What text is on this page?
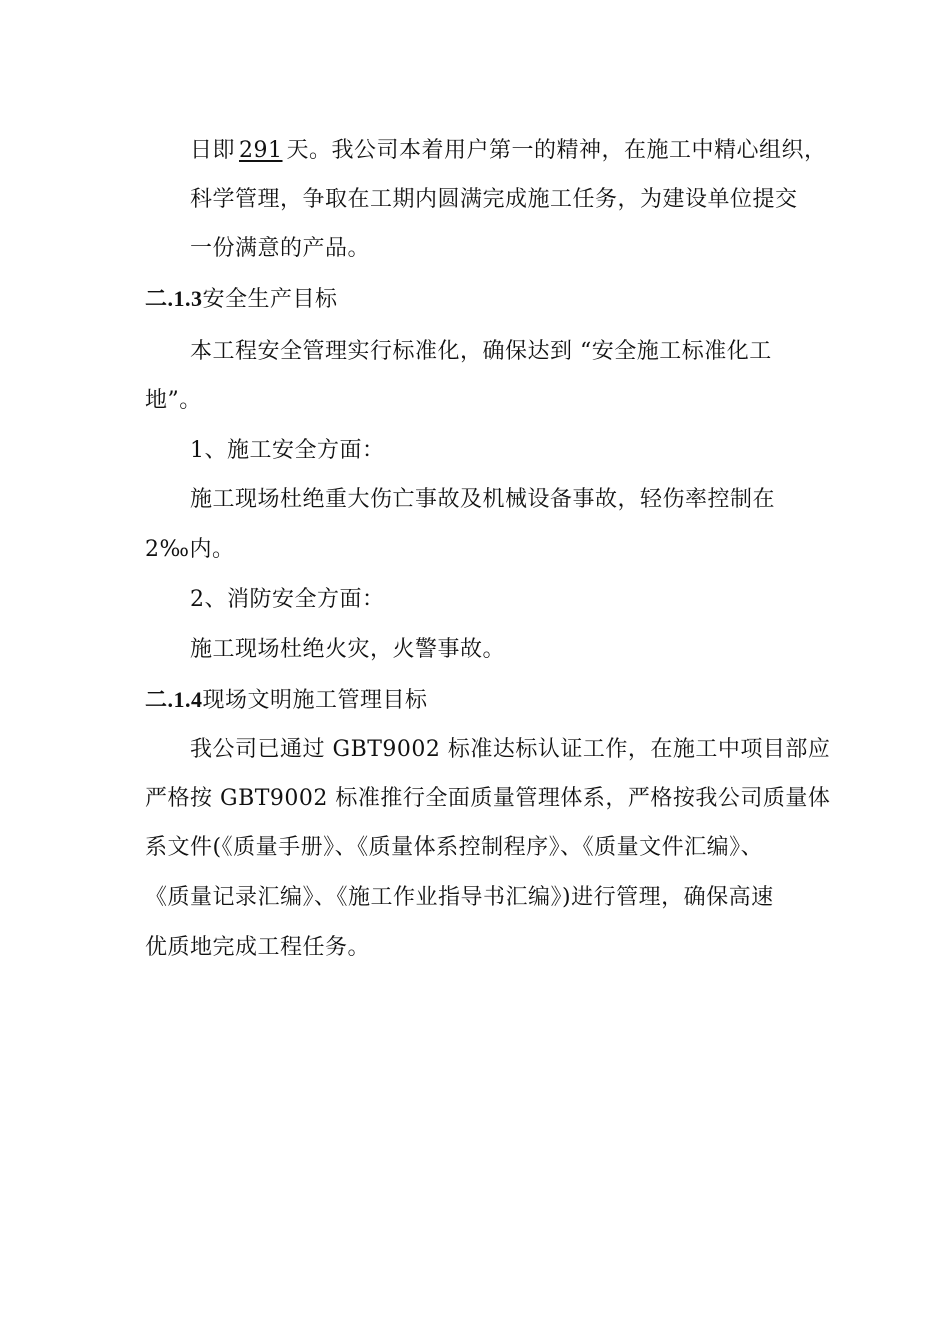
日即 291 天。我公司本着用户第一的精神，在施工中精心组织，
科学管理，争取在工期内圆满完成施工任务，为建设单位提交
一份满意的产品。
二.1.3安全生产目标
本工程安全管理实行标准化，确保达到 “安全施工标准化工
地”。
1、施工安全方面：
施工现场杜绝重大伤亡事故及机械设备事故，轻伤率控制在
2‰内。
2、消防安全方面：
施工现场杜绝火灾，火警事故。
二.1.4现场文明施工管理目标
我公司已通过 GBT9002 标准达标认证工作，在施工中项目部应
严格按 GBT9002 标准推行全面质量管理体系，严格按我公司质量体
系文件(《质量手册》、《质量体系控制程序》、《质量文件汇编》、
《质量记录汇编》、《施工作业指导书汇编》)进行管理，确保高速
优质地完成工程任务。
